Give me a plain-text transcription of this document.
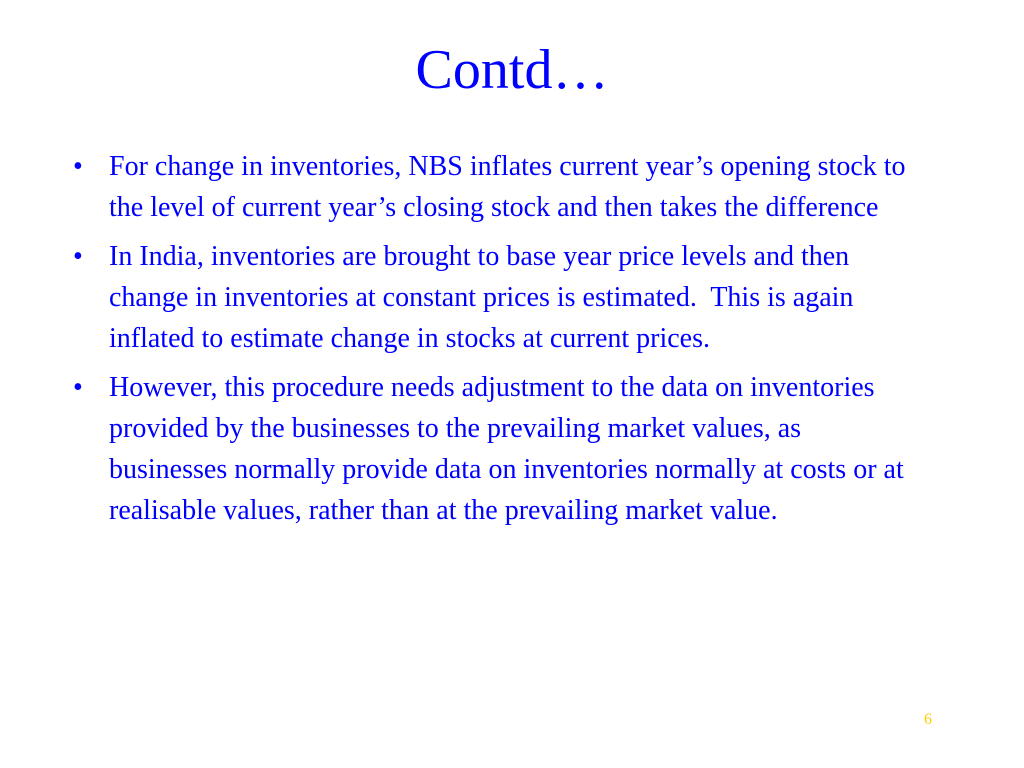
Contd…
• For change in inventories, NBS inflates current year’s opening stock to the level of current year’s closing stock and then takes the difference
• In India, inventories are brought to base year price levels and then change in inventories at constant prices is estimated.  This is again inflated to estimate change in stocks at current prices.
• However, this procedure needs adjustment to the data on inventories provided by the businesses to the prevailing market values, as businesses normally provide data on inventories normally at costs or at realisable values, rather than at the prevailing market value.
6
